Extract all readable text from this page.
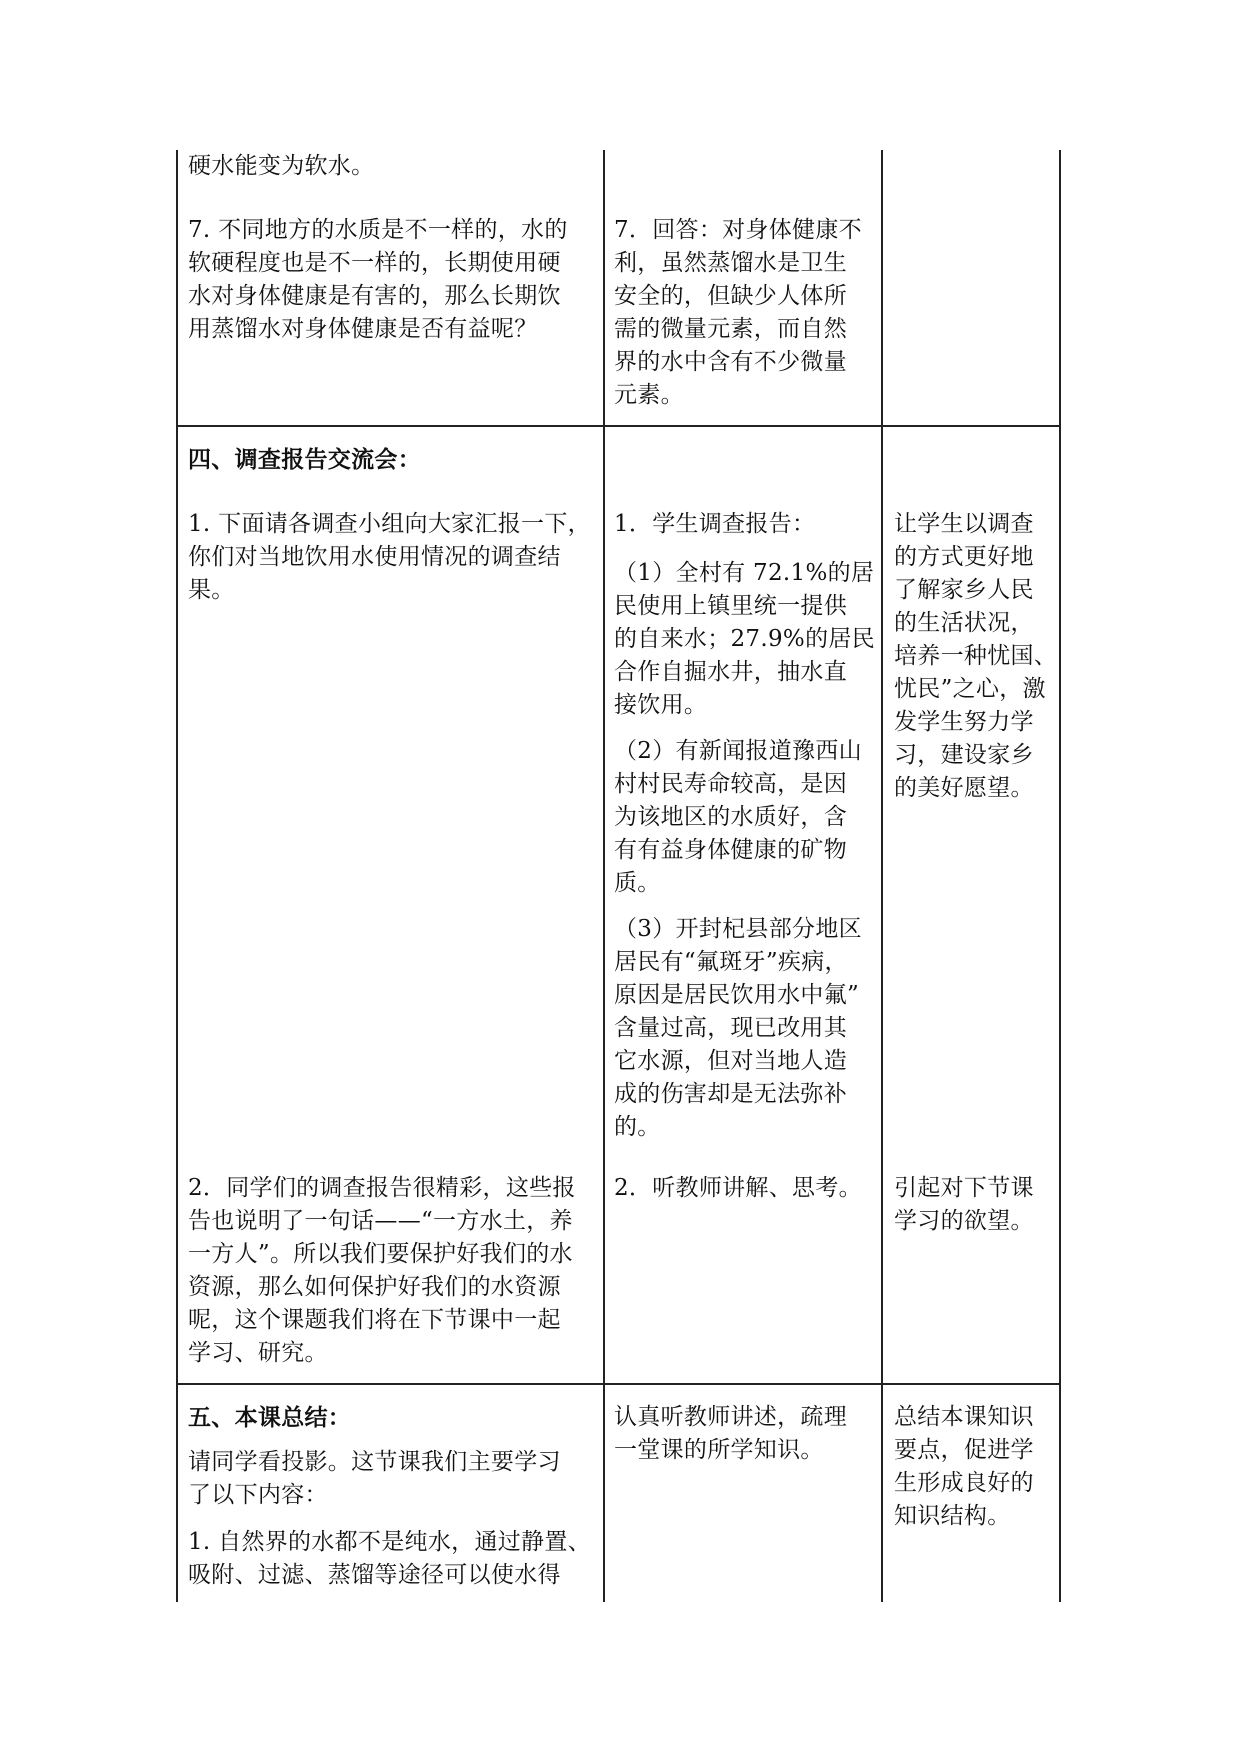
硬水能变为软水。

7. 不同地方的水质是不一样的，水的
软硬程度也是不一样的，长期使用硬
水对身体健康是有害的，那么长期饮
用蒸馏水对身体健康是否有益呢？

7．回答：对身体健康不
利，虽然蒸馏水是卫生
安全的，但缺少人体所
需的微量元素，而自然
界的水中含有不少微量
元素。

四、调查报告交流会：

1. 下面请各调查小组向大家汇报一下，
你们对当地饮用水使用情况的调查结
果。

1．学生调查报告：

（1）全村有 72.1%的居
民使用上镇里统一提供
的自来水；27.9%的居民
合作自掘水井，抽水直
接饮用。

（2）有新闻报道豫西山
村村民寿命较高，是因
为该地区的水质好，含
有有益身体健康的矿物
质。

（3）开封杞县部分地区
居民有“氟斑牙”疾病，
原因是居民饮用水中氟”
含量过高，现已改用其
它水源，但对当地人造
成的伤害却是无法弥补
的。

让学生以调查
的方式更好地
了解家乡人民
的生活状况，
培养一种忧国、
忧民”之心，激
发学生努力学
习，建设家乡
的美好愿望。

2．同学们的调查报告很精彩，这些报
告也说明了一句话——“一方水土，养
一方人”。所以我们要保护好我们的水
资源，那么如何保护好我们的水资源
呢，这个课题我们将在下节课中一起
学习、研究。

2．听教师讲解、思考。 引起对下节课
学习的欲望。

五、本课总结：

请同学看投影。这节课我们主要学习
了以下内容：

1. 自然界的水都不是纯水，通过静置、
吸附、过滤、蒸馏等途径可以使水得

认真听教师讲述，疏理
一堂课的所学知识。

总结本课知识
要点，促进学
生形成良好的
知识结构。
